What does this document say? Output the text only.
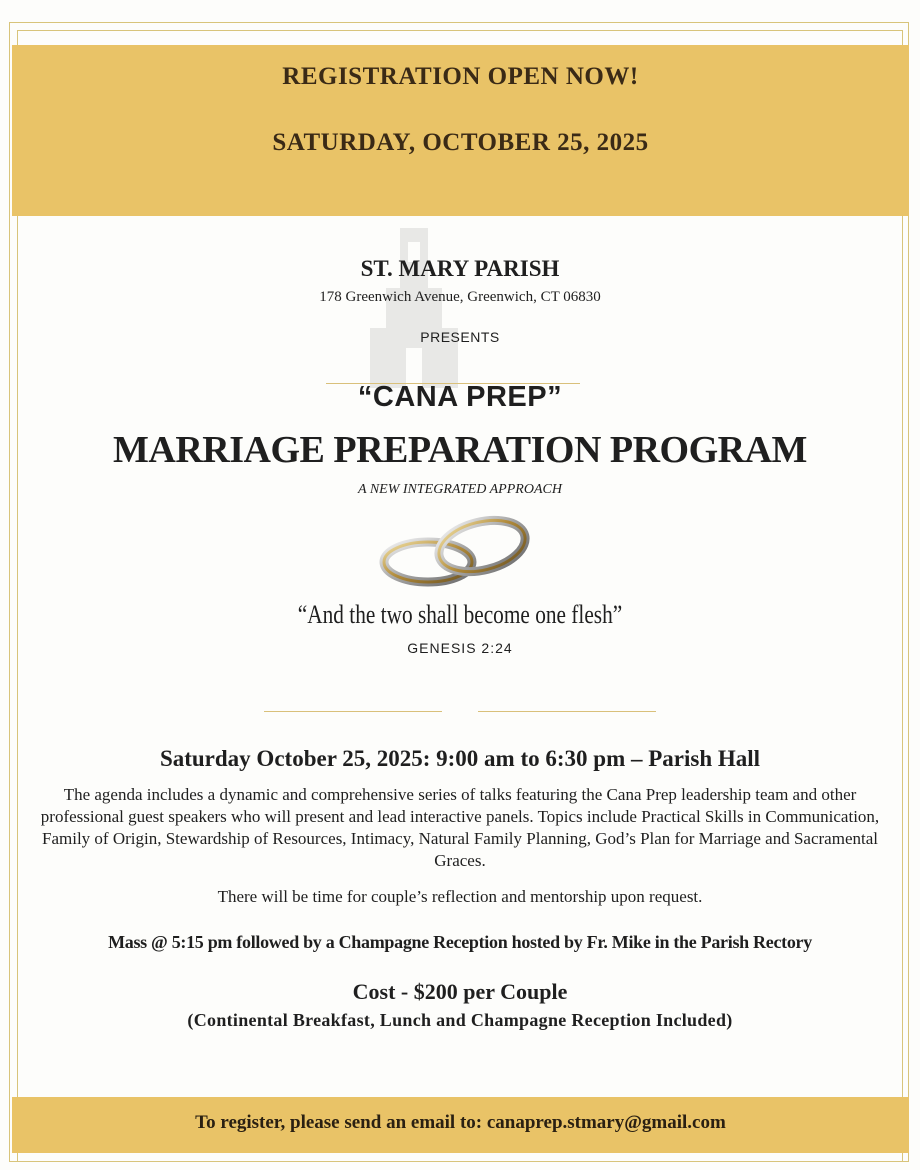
REGISTRATION OPEN NOW!
SATURDAY, OCTOBER 25, 2025
ST. MARY PARISH
178 Greenwich Avenue, Greenwich, CT 06830
PRESENTS
“CANA PREP”
MARRIAGE PREPARATION PROGRAM
A NEW INTEGRATED APPROACH
“And the two shall become one flesh”
GENESIS 2:24
Saturday October 25, 2025: 9:00 am to 6:30 pm – Parish Hall
The agenda includes a dynamic and comprehensive series of talks featuring the Cana Prep leadership team and other professional guest speakers who will present and lead interactive panels. Topics include Practical Skills in Communication, Family of Origin, Stewardship of Resources, Intimacy, Natural Family Planning, God’s Plan for Marriage and Sacramental Graces.
There will be time for couple’s reflection and mentorship upon request.
Mass @ 5:15 pm followed by a Champagne Reception hosted by Fr. Mike in the Parish Rectory
Cost - $200 per Couple
(Continental Breakfast, Lunch and Champagne Reception Included)
To register, please send an email to: canaprep.stmary@gmail.com
